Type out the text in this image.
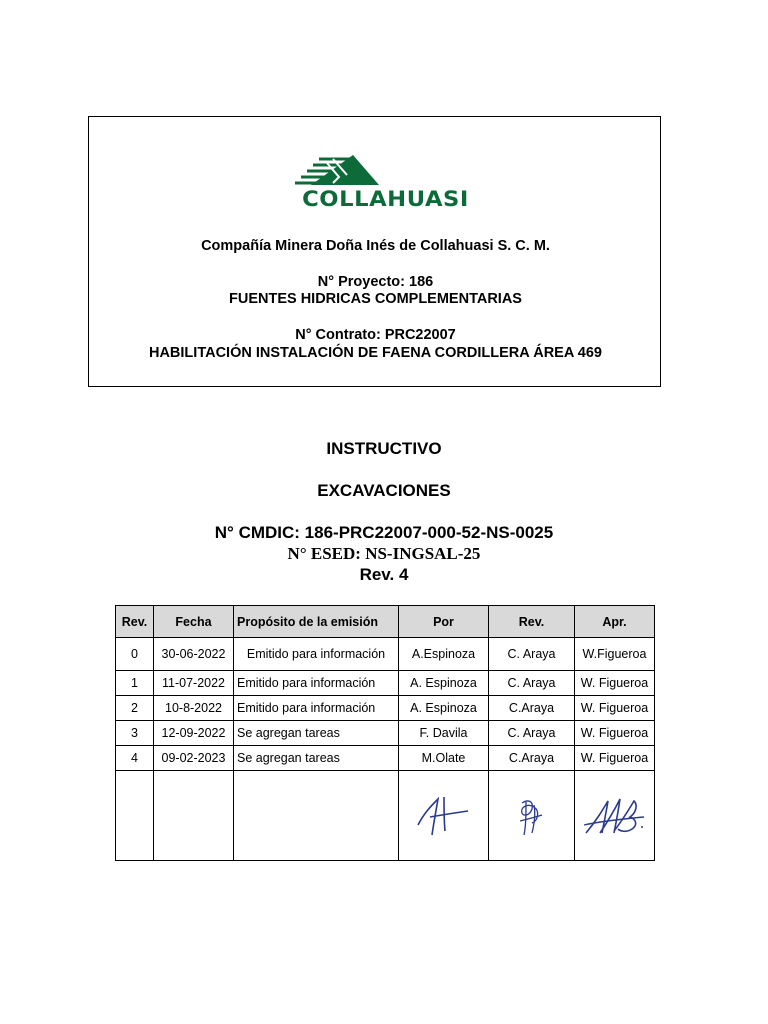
COLLAHUASI
Compañía Minera Doña Inés de Collahuasi S. C. M.
N° Proyecto: 186
FUENTES HIDRICAS COMPLEMENTARIAS
N° Contrato: PRC22007
HABILITACIÓN INSTALACIÓN DE FAENA CORDILLERA ÁREA 469
INSTRUCTIVO
EXCAVACIONES
N° CMDIC: 186-PRC22007-000-52-NS-0025
N° ESED: NS-INGSAL-25
Rev. 4
Rev.	Fecha	Propósito de la emisión	Por	Rev.	Apr.
0	30-06-2022	Emitido para información	A.Espinoza	C. Araya	W.Figueroa
1	11-07-2022	Emitido para información	A. Espinoza	C. Araya	W. Figueroa
2	10-8-2022	Emitido para información	A. Espinoza	C.Araya	W. Figueroa
3	12-09-2022	Se agregan tareas	F. Davila	C. Araya	W. Figueroa
4	09-02-2023	Se agregan tareas	M.Olate	C.Araya	W. Figueroa
